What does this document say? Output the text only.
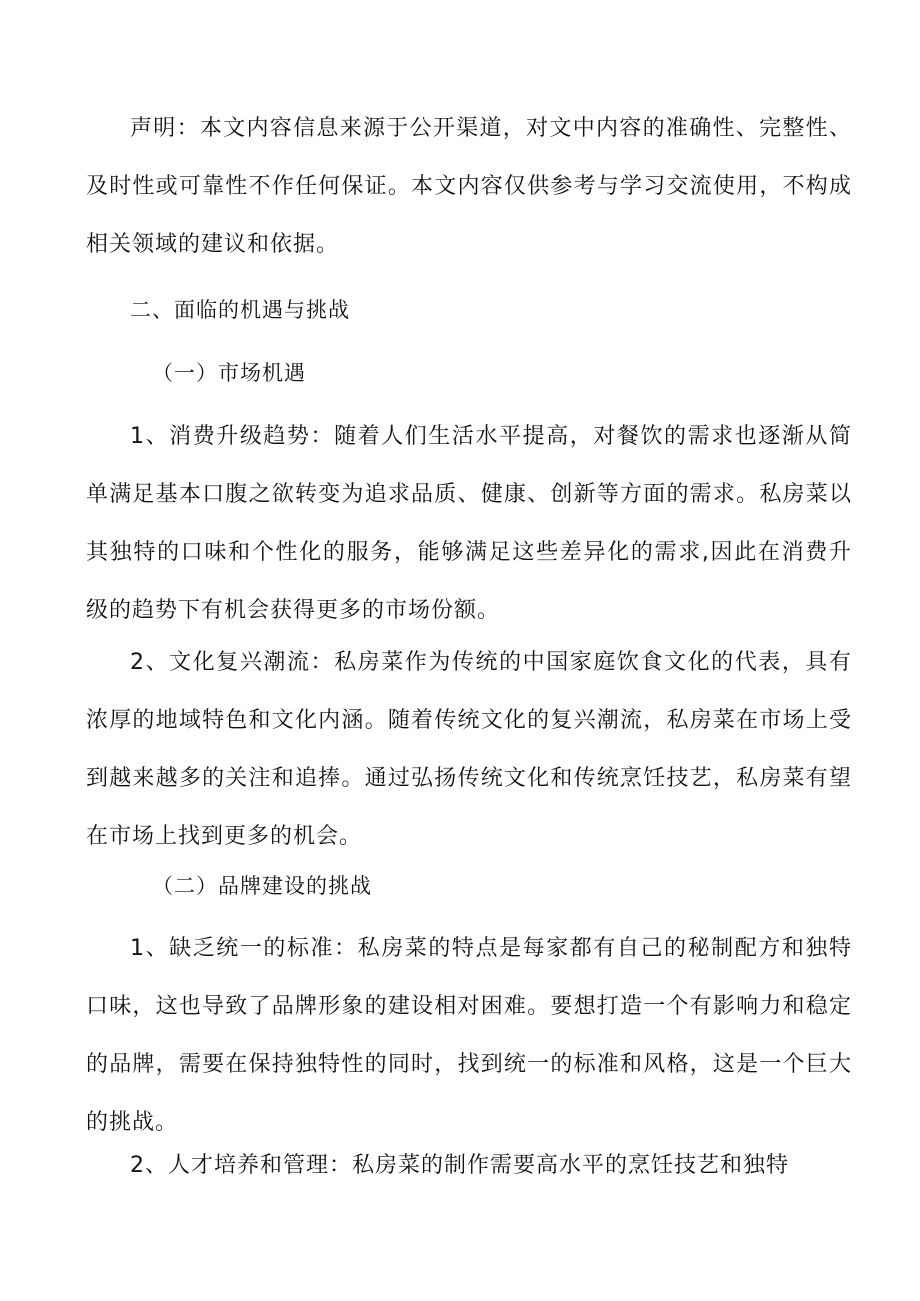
声明：本文内容信息来源于公开渠道，对文中内容的准确性、完整性、及时性或可靠性不作任何保证。本文内容仅供参考与学习交流使用，不构成相关领域的建议和依据。
二、面临的机遇与挑战
（一）市场机遇
1、消费升级趋势：随着人们生活水平提高，对餐饮的需求也逐渐从简单满足基本口腹之欲转变为追求品质、健康、创新等方面的需求。私房菜以其独特的口味和个性化的服务，能够满足这些差异化的需求,因此在消费升级的趋势下有机会获得更多的市场份额。
2、文化复兴潮流：私房菜作为传统的中国家庭饮食文化的代表，具有浓厚的地域特色和文化内涵。随着传统文化的复兴潮流，私房菜在市场上受到越来越多的关注和追捧。通过弘扬传统文化和传统烹饪技艺，私房菜有望在市场上找到更多的机会。
（二）品牌建设的挑战
1、缺乏统一的标准：私房菜的特点是每家都有自己的秘制配方和独特口味，这也导致了品牌形象的建设相对困难。要想打造一个有影响力和稳定的品牌，需要在保持独特性的同时，找到统一的标准和风格，这是一个巨大的挑战。
2、人才培养和管理：私房菜的制作需要高水平的烹饪技艺和独特
